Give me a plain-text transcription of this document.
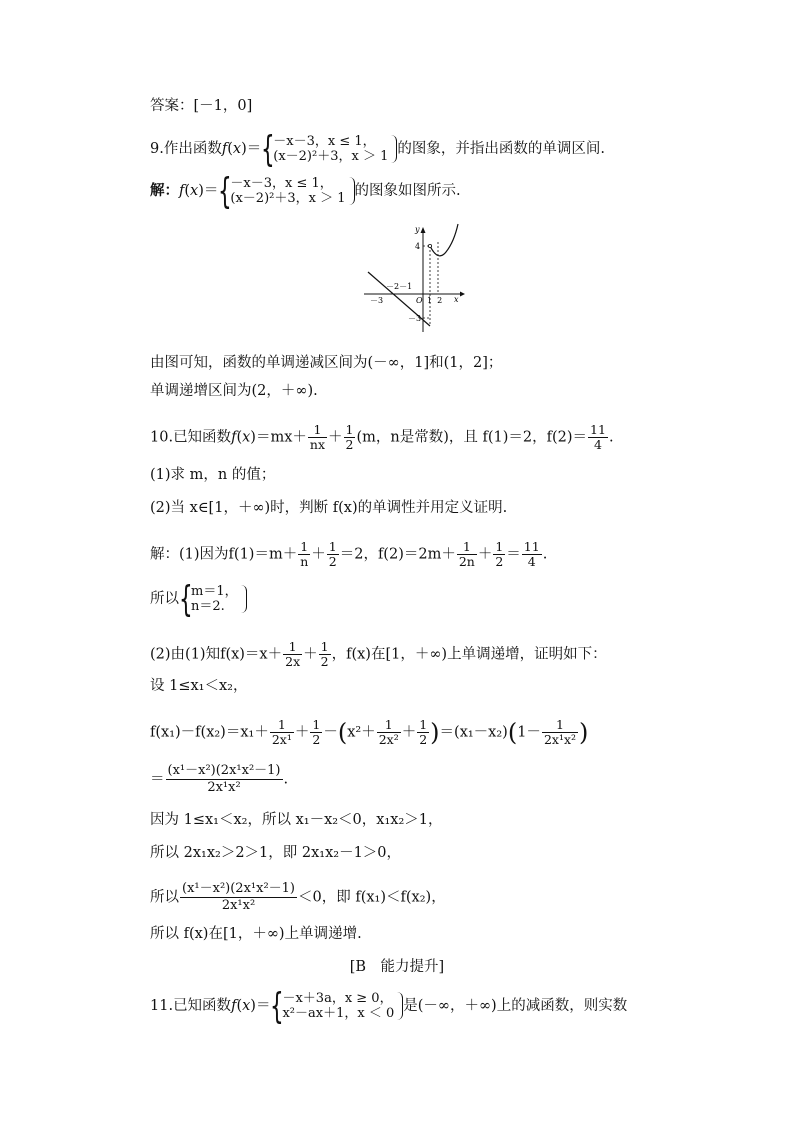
答案：[－1，0]
9.作出函数f(x)＝ {
－x－3，x ≤ 1，
(x－2)²＋3，x ＞ 1 的图象，并指出函数的单调区间.
解：f(x)＝ {
－x－3，x ≤ 1，
(x－2)²＋3，x ＞ 1 的图象如图所示.
y
x
O
4
－2－1
－3
－3
1  2
由图可知，函数的单调递减区间为(－∞，1]和(1，2]；
单调递增区间为(2，＋∞).
10.已知函数$f(x)=mx+ \frac{1}{nx} + \frac{1}{2} (m$，n是常数)，且 f(1)＝2，$f(2)= \frac{11}{4}$ .
(1)求 m，n 的值；
(2)当 x∈[1，＋∞)时，判断 f(x)的单调性并用定义证明.
解：(1)因为$f(1)=m+ \frac{1}{n} + \frac{1}{2} =2$，$f(2)=2m+ \frac{1}{2n} + \frac{1}{2} = \frac{11}{4}$ .
所以 {
m＝1，
n＝2.
(2)由(1)知$f(x)=x+ \frac{1}{2x} + \frac{1}{2}$ ，f(x)在[1，＋∞)上单调递增，证明如下：
设 1≤x₁＜x₂，
$f(x_1)-f(x_2)=x_1+ \frac{1}{\text{2x¹}} + \frac{1}{2} -(x^2+ \frac{1}{\text{2x²}} + \frac{1}{2} )=(x_1-x_2)(1- \frac{1}{\text{2x¹x²}}$ )
＝ $\frac{\text{(x¹－x²)(2x¹x²－1)}}{\text{2x¹x²}}$ .
因为 1≤x₁＜x₂，所以 x₁－x₂＜0，x₁x₂＞1，
所以 2x₁x₂＞2＞1，即 2x₁x₂－1＞0，
所以 $\frac{\text{(x¹－x²)(2x¹x²－1)}}{\text{2x¹x²}} <0$，即 f(x₁)＜f(x₂)，
所以 f(x)在[1，＋∞)上单调递增.
[B　能力提升]
11.已知函数f(x)＝ {
－x＋3a，x ≥ 0，
x²－ax＋1，x ＜ 0 是(－∞，＋∞)上的减函数，则实数
